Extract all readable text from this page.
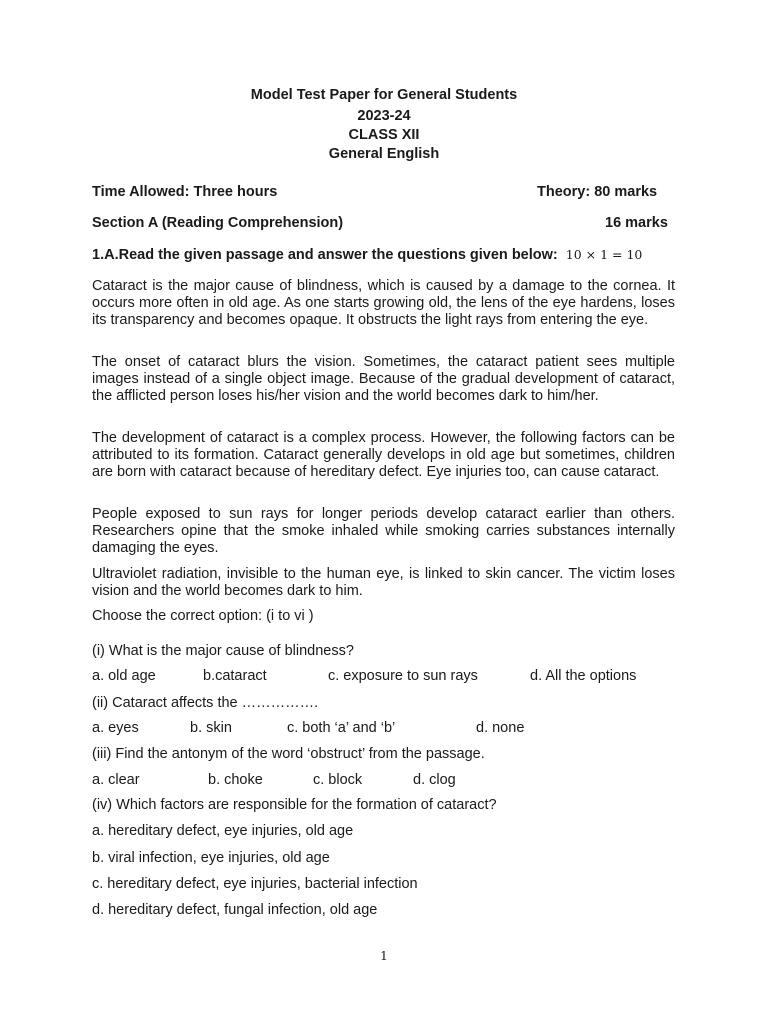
Model Test Paper for General Students
2023-24
CLASS XII
General English
Time Allowed: Three hours	Theory: 80 marks
Section A (Reading Comprehension)	16 marks
1.A.Read the given passage and answer the questions given below: 10 × 1 = 10
Cataract is the major cause of blindness, which is caused by a damage to the cornea. It occurs more often in old age. As one starts growing old, the lens of the eye hardens, loses its transparency and becomes opaque. It obstructs the light rays from entering the eye.
The onset of cataract blurs the vision. Sometimes, the cataract patient sees multiple images instead of a single object image. Because of the gradual development of cataract, the afflicted person loses his/her vision and the world becomes dark to him/her.
The development of cataract is a complex process. However, the following factors can be attributed to its formation. Cataract generally develops in old age but sometimes, children are born with cataract because of hereditary defect. Eye injuries too, can cause cataract.
People exposed to sun rays for longer periods develop cataract earlier than others. Researchers opine that the smoke inhaled while smoking carries substances internally damaging the eyes.
Ultraviolet radiation, invisible to the human eye, is linked to skin cancer. The victim loses vision and the world becomes dark to him.
Choose the correct option: (i to vi )
(i) What is the major cause of blindness?
a. old age	b.cataract	c. exposure to sun rays	d. All the options
(ii) Cataract affects the …………….
a. eyes	b. skin	c. both ‘a’ and ‘b’	d. none
(iii) Find the antonym of the word ‘obstruct’ from the passage.
a. clear	b. choke	c. block	d. clog
(iv) Which factors are responsible for the formation of cataract?
a. hereditary defect, eye injuries, old age
b. viral infection, eye injuries, old age
c. hereditary defect, eye injuries, bacterial infection
d. hereditary defect, fungal infection, old age
1
